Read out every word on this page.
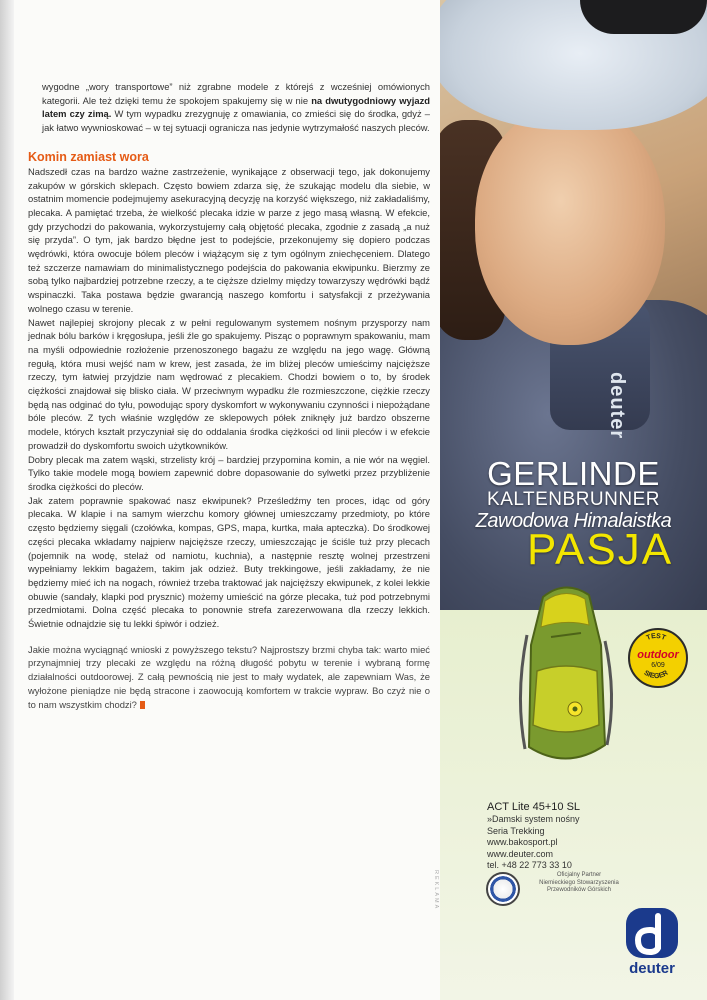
wygodne „wory transportowe” niż zgrabne modele z którejś z wcześniej omówionych kategorii. Ale też dzięki temu że spokojem spakujemy się w nie na dwutygodniowy wyjazd latem czy zimą. W tym wypadku zrezygnuję z omawiania, co zmieści się do środka, gdyż – jak łatwo wywnioskować – w tej sytuacji ogranicza nas jedynie wytrzymałość naszych pleców.

Komin zamiast wora

Nadszedł czas na bardzo ważne zastrzeżenie, wynikające z obserwacji tego, jak dokonujemy zakupów w górskich sklepach. Często bowiem zdarza się, że szukając modelu dla siebie, w ostatnim momencie podejmujemy asekuracyjną decyzję na korzyść większego, niż zakładaliśmy, plecaka. A pamiętać trzeba, że wielkość plecaka idzie w parze z jego masą własną. W efekcie, gdy przychodzi do pakowania, wykorzystujemy całą objętość plecaka, zgodnie z zasadą „a nuż się przyda”. O tym, jak bardzo błędne jest to podejście, przekonujemy się dopiero podczas wędrówki, która owocuje bólem pleców i wiążącym się z tym ogólnym zniechęceniem. Dlatego też szczerze namawiam do minimalistycznego podejścia do pakowania ekwipunku. Bierzmy ze sobą tylko najbardziej potrzebne rzeczy, a te cięższe dzielmy między towarzyszy wędrówki bądź wspinaczki. Taka postawa będzie gwarancją naszego komfortu i satysfakcji z przeżywania wolnego czasu w terenie.

Nawet najlepiej skrojony plecak z w pełni regulowanym systemem nośnym przysporzy nam jednak bólu barków i kręgosłupa, jeśli źle go spakujemy. Pisząc o poprawnym spakowaniu, mam na myśli odpowiednie rozłożenie przenoszonego bagażu ze względu na jego wagę. Główną regułą, która musi wejść nam w krew, jest zasada, że im bliżej pleców umieścimy najcięższe rzeczy, tym łatwiej przyjdzie nam wędrować z plecakiem. Chodzi bowiem o to, by środek ciężkości znajdował się blisko ciała. W przeciwnym wypadku źle rozmieszczone, ciężkie rzeczy będą nas odginać do tyłu, powodując spory dyskomfort w wykonywaniu czynności i niepożądane bóle pleców. Z tych właśnie względów ze sklepowych półek zniknęły już bardzo obszerne modele, których kształt przyczyniał się do oddalania środka ciężkości od linii pleców i w efekcie prowadził do dyskomfortu swoich użytkowników.

Dobry plecak ma zatem wąski, strzelisty krój – bardziej przypomina komin, a nie wór na węgiel. Tylko takie modele mogą bowiem zapewnić dobre dopasowanie do sylwetki przez przybliżenie środka ciężkości do pleców.

Jak zatem poprawnie spakować nasz ekwipunek? Prześledźmy ten proces, idąc od góry plecaka. W klapie i na samym wierzchu komory głównej umieszczamy przedmioty, po które często będziemy sięgali (czołówka, kompas, GPS, mapa, kurtka, mała apteczka). Do środkowej części plecaka wkładamy najpierw najcięższe rzeczy, umieszczając je ściśle tuż przy plecach (pojemnik na wodę, stelaż od namiotu, kuchnia), a następnie resztę wolnej przestrzeni wypełniamy lekkim bagażem, takim jak odzież. Buty trekkingowe, jeśli zakładamy, że nie będziemy mieć ich na nogach, również trzeba traktować jak najcięższy ekwipunek, z kolei lekkie obuwie (sandały, klapki pod prysznic) możemy umieścić na górze plecaka, tuż pod potrzebnymi przedmiotami. Dolna część plecaka to ponownie strefa zarezerwowana dla rzeczy lekkich. Świetnie odnajdzie się tu lekki śpiwór i odzież.

Jakie można wyciągnąć wnioski z powyższego tekstu? Najprostszy brzmi chyba tak: warto mieć przynajmniej trzy plecaki ze względu na różną długość pobytu w terenie i wybraną formę działalności outdoorowej. Z całą pewnością nie jest to mały wydatek, ale zapewniam Was, że wyłożone pieniądze nie będą stracone i zaowocują komfortem w trakcie wypraw. Bo czyż nie o to nam wszystkim chodzi?

REKLAMA
deuter
GERLINDE
KALTENBRUNNER
Zawodowa Himalaistka
PASJA
TEST
SIEGER
outdoor
6/09
ACT Lite 45+10 SL
»Damski system nośny
Seria Trekking
www.bakosport.pl
www.deuter.com
tel. +48 22 773 33 10
Oficjalny Partner
Niemieckiego Stowarzyszenia
Przewodników Górskich
deuter
